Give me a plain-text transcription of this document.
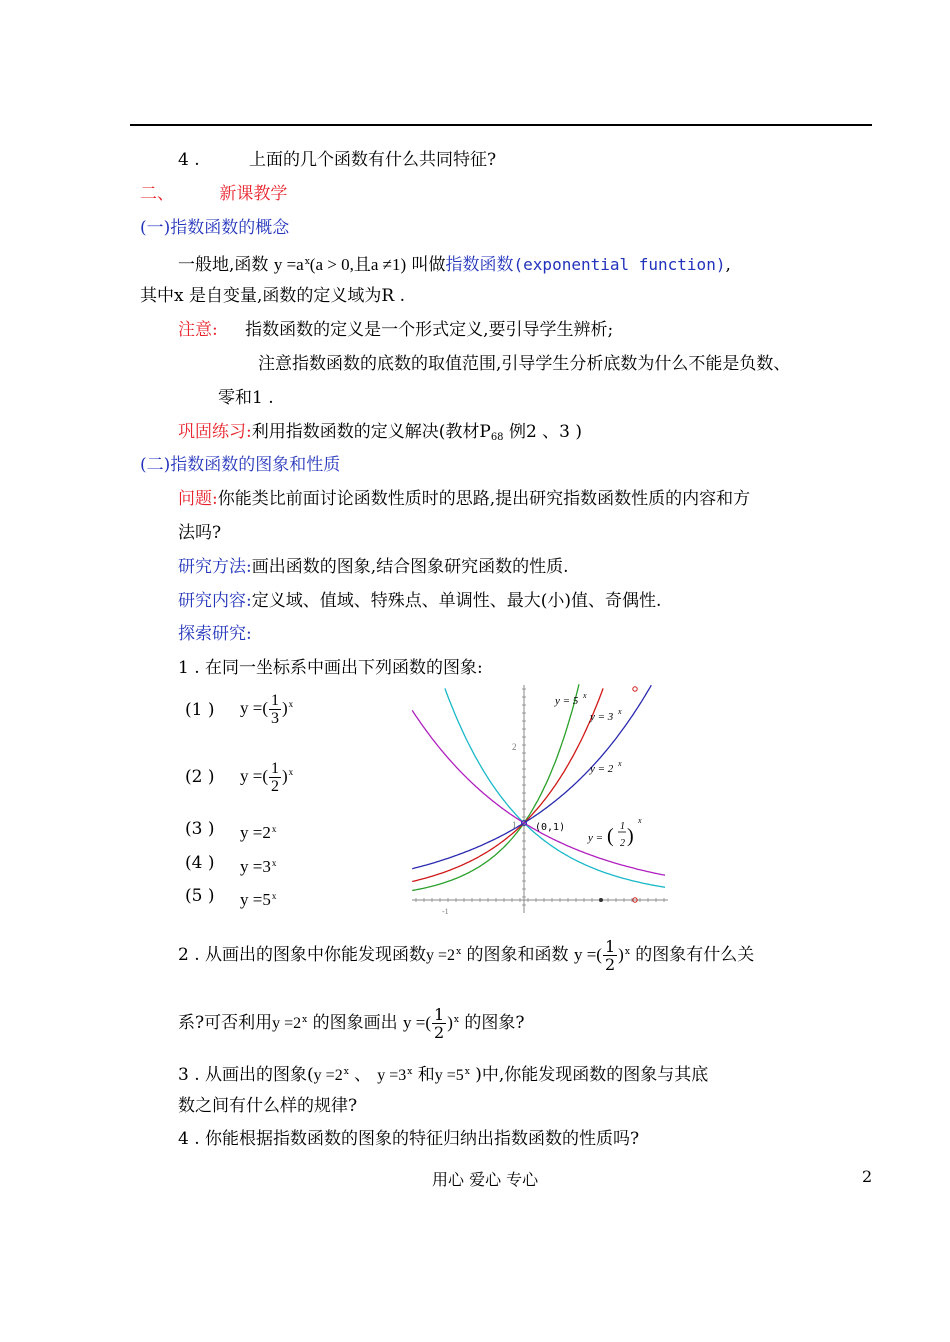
4 .	上面的几个函数有什么共同特征?
二、	新课教学
(一)指数函数的概念
一般地,函数 $y =a^x(a > 0$,且a ≠1) 叫做指数函数(exponential function),
其中x 是自变量,函数的定义域为R .
注意: 指数函数的定义是一个形式定义,要引导学生辨析;
注意指数函数的底数的取值范围,引导学生分析底数为什么不能是负数、
零和1 .
巩固练习:利用指数函数的定义解决(教材$P_{68}$ 例2 、3 )
(二)指数函数的图象和性质
问题:你能类比前面讨论函数性质时的思路,提出研究指数函数性质的内容和方
法吗?
研究方法:画出函数的图象,结合图象研究函数的性质.
研究内容:定义域、值域、特殊点、单调性、最大(小)值、奇偶性.
探索研究:
1 . 在同一坐标系中画出下列函数的图象:
(1 ) y =( $\frac{1}{3} )^x$
(2 ) y =( $\frac{1}{2} )^x$
(3 ) $y =2^x$
(4 ) $y =3^x$
(5 ) $y =5^x$
y = 5 x
y = 3 x
y = 2 x
y = ( 1
2 )
x
(0,1)
2
1
-1
2 . 从画出的图象中你能发现函数$y =2^x$ 的图象和函数 y =( $\frac{1}{2} )^x$ 的图象有什么关
系?可否利用$y =2^x$ 的图象画出 y =( $\frac{1}{2} )^x$ 的图象?
3 . 从画出的图象($y =2^x$ 、 $y =3^x$ 和$y =5^x$ )中,你能发现函数的图象与其底
数之间有什么样的规律?
4 . 你能根据指数函数的图象的特征归纳出指数函数的性质吗?
用心 爱心 专心	2
